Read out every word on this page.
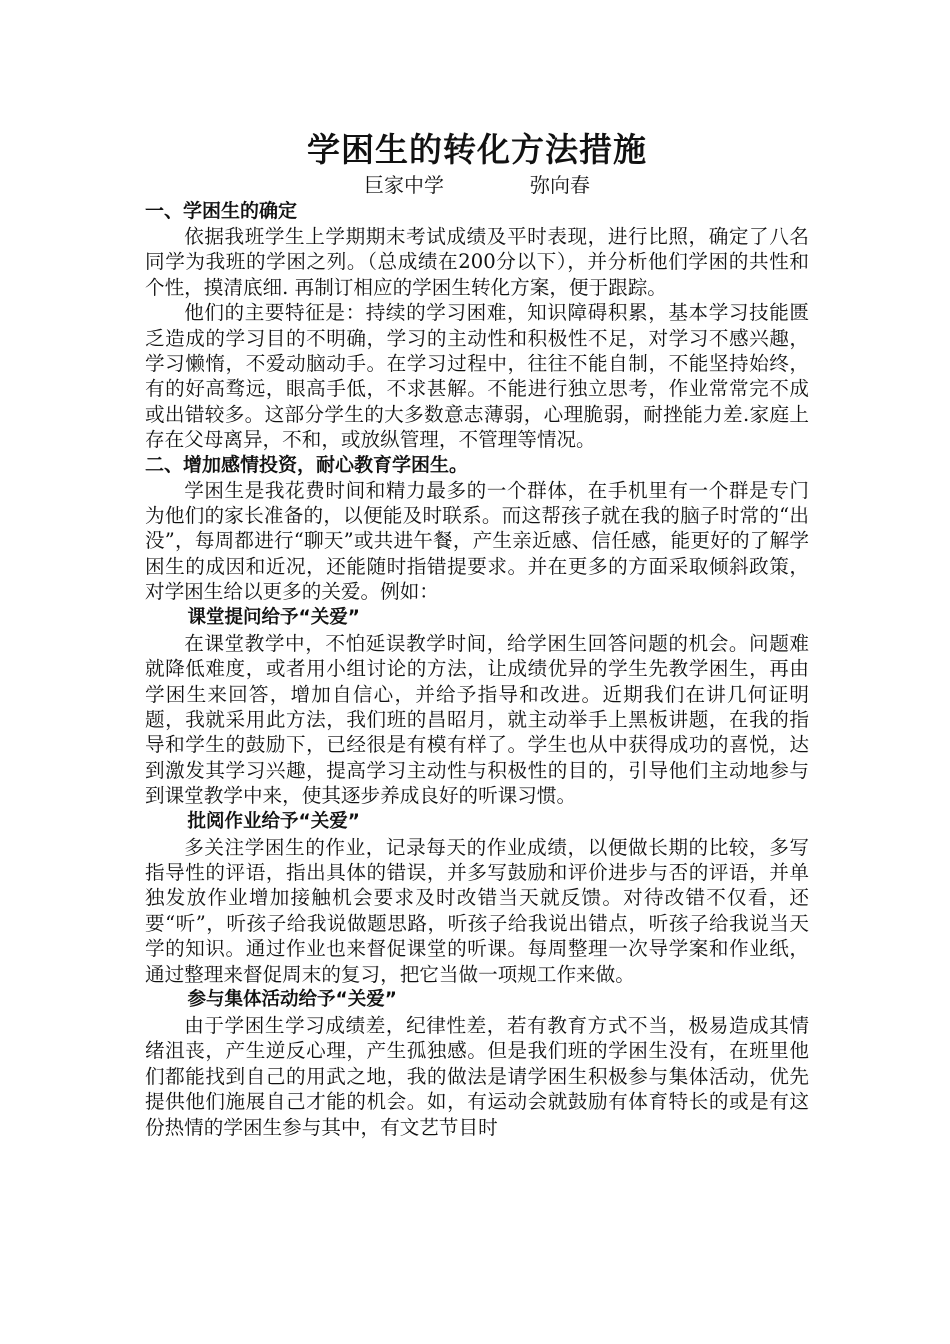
学困生的转化方法措施

巨家中学	弥向春

一、学困生的确定

依据我班学生上学期期末考试成绩及平时表现，进行比照，确定了八名同学为我班的学困之列。（总成绩在200分以下），并分析他们学困的共性和个性，摸清底细. 再制订相应的学困生转化方案，便于跟踪。

他们的主要特征是：持续的学习困难，知识障碍积累，基本学习技能匮乏造成的学习目的不明确，学习的主动性和积极性不足，对学习不感兴趣，学习懒惰，不爱动脑动手。在学习过程中，往往不能自制，不能坚持始终，有的好高骛远，眼高手低，不求甚解。不能进行独立思考，作业常常完不成或出错较多。这部分学生的大多数意志薄弱，心理脆弱，耐挫能力差.家庭上存在父母离异，不和，或放纵管理，不管理等情况。

二、增加感情投资，耐心教育学困生。

学困生是我花费时间和精力最多的一个群体，在手机里有一个群是专门为他们的家长准备的，以便能及时联系。而这帮孩子就在我的脑子时常的“出没”，每周都进行“聊天”或共进午餐，产生亲近感、信任感，能更好的了解学困生的成因和近况，还能随时指错提要求。并在更多的方面采取倾斜政策，对学困生给以更多的关爱。例如：

课堂提问给予“关爱”

在课堂教学中，不怕延误教学时间，给学困生回答问题的机会。问题难就降低难度，或者用小组讨论的方法，让成绩优异的学生先教学困生，再由学困生来回答，增加自信心，并给予指导和改进。近期我们在讲几何证明题，我就采用此方法，我们班的昌昭月，就主动举手上黑板讲题，在我的指导和学生的鼓励下，已经很是有模有样了。学生也从中获得成功的喜悦，达到激发其学习兴趣，提高学习主动性与积极性的目的，引导他们主动地参与到课堂教学中来，使其逐步养成良好的听课习惯。

批阅作业给予“关爱”

多关注学困生的作业，记录每天的作业成绩，以便做长期的比较，多写指导性的评语，指出具体的错误，并多写鼓励和评价进步与否的评语，并单独发放作业增加接触机会要求及时改错当天就反馈。对待改错不仅看，还要“听”，听孩子给我说做题思路，听孩子给我说出错点，听孩子给我说当天学的知识。通过作业也来督促课堂的听课。每周整理一次导学案和作业纸，通过整理来督促周末的复习，把它当做一项规工作来做。

参与集体活动给予“关爱”

由于学困生学习成绩差，纪律性差，若有教育方式不当，极易造成其情绪沮丧，产生逆反心理，产生孤独感。但是我们班的学困生没有，在班里他们都能找到自己的用武之地，我的做法是请学困生积极参与集体活动，优先提供他们施展自己才能的机会。如，有运动会就鼓励有体育特长的或是有这份热情的学困生参与其中，有文艺节目时
